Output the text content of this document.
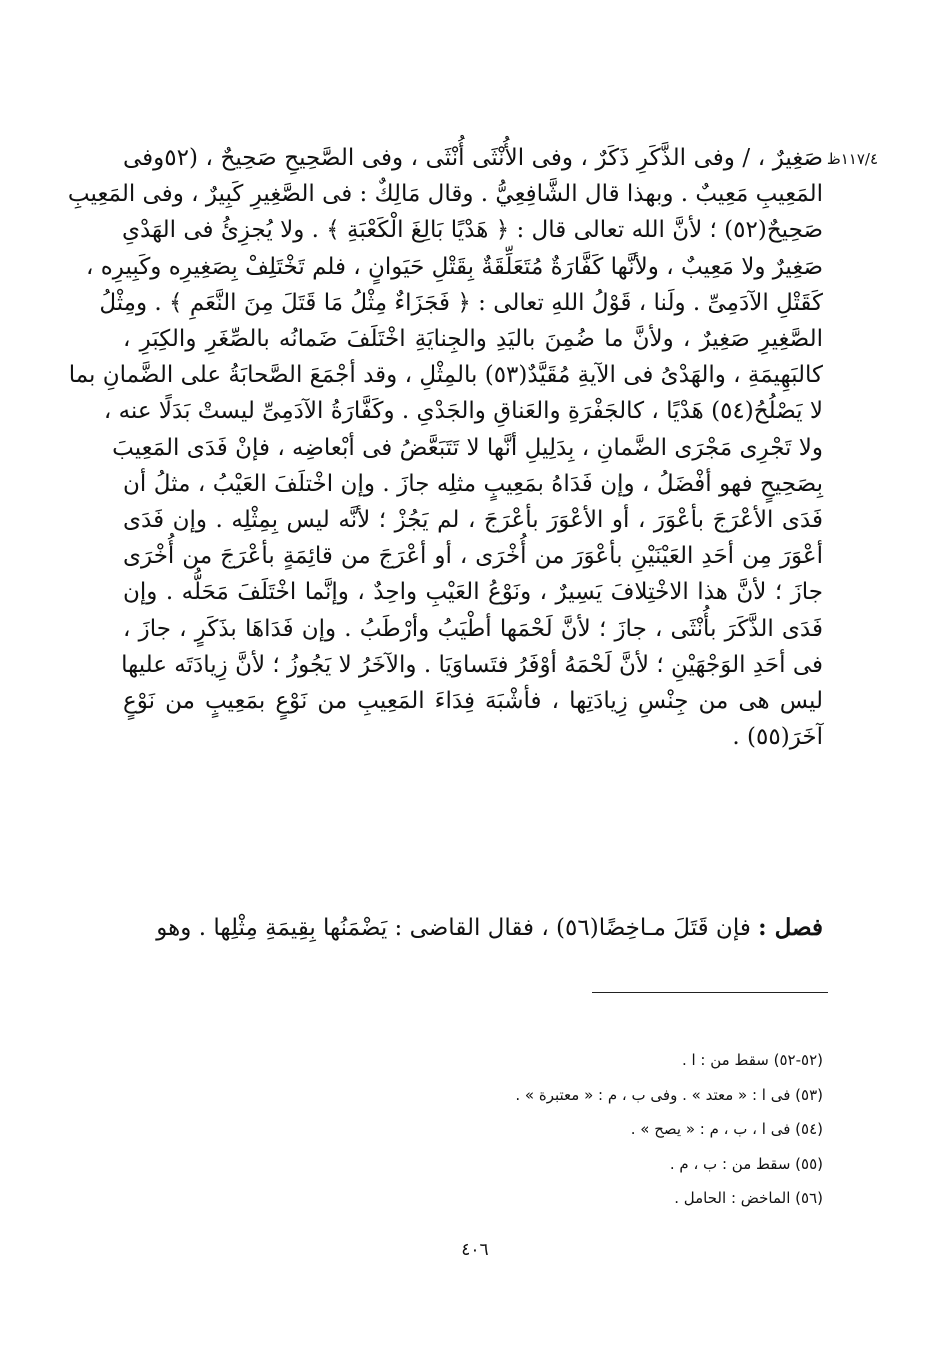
١١٧/٤ظ
صَغِيرٌ ، / وفى الذَّكَرِ ذَكَرٌ ، وفى الأُنْثَى أُنْثَى ، وفى الصَّحِيحِ صَحِيحٌ ، (٥٢وفى
المَعِيبِ مَعِيبٌ . وبهذا قال الشَّافِعِيُّ . وقال مَالِكٌ : فى الصَّغِيرِ كَبِيرٌ ، وفى المَعِيبِ
صَحِيحٌ(٥٢) ؛ لأنَّ الله تعالى قال : ﴿ هَدْيًا بَالِغَ الْكَعْبَةِ ﴾ . ولا يُجزِئُ فى الهَدْىِ
صَغِيرٌ ولا مَعِيبٌ ، ولأنَّها كَفَّارَةٌ مُتَعَلِّقَةٌ بِقَتْلِ حَيَوانٍ ، فلم تَخْتَلِفْ بِصَغِيرِه وكَبِيرِه ،
كَقَتْلِ الآدَمِىِّ . ولَنا ، قَوْلُ اللهِ تعالى : ﴿ فَجَزَاءٌ مِثْلُ مَا قَتَلَ مِنَ النَّعَمِ ﴾ . ومِثْلُ
الصَّغِيرِ صَغِيرٌ ، ولأنَّ ما ضُمِنَ باليَدِ والجِنايَةِ اخْتَلَفَ ضَمانُه بالصِّغَرِ والكِبَرِ ،
كالبَهِيمَةِ ، والهَدْىُ فى الآيةِ مُقَيَّدٌ(٥٣) بالمِثْلِ ، وقد أجْمَعَ الصَّحابَةُ على الضَّمانِ بما
لا يَصْلُحُ(٥٤) هَدْيًا ، كالجَفْرَةِ والعَناقِ والجَدْىِ . وكَفَّارَةُ الآدَمِىِّ ليستْ بَدَلًا عنه ،
ولا تَجْرِى مَجْرَى الضَّمانِ ، بِدَلِيلِ أنَّها لا تَتَبَعَّضُ فى أبْعاضِه ، فإنْ فَدَى المَعِيبَ
بِصَحِيحٍ فهو أفْضَلُ ، وإن فَدَاهُ بمَعِيبٍ مثلِه جازَ . وإن اخْتلَفَ العَيْبُ ، مثلُ أن
فَدَى الأعْرَجَ بأعْوَرَ ، أو الأعْوَرَ بأعْرَجَ ، لم يَجُزْ ؛ لأنَّه ليس بِمِثْلِه . وإن فَدَى
أعْوَرَ مِن أحَدِ العَيْنَيْنِ بأعْوَرَ من أُخْرَى ، أو أعْرَجَ من قائِمَةٍ بأعْرَجَ من أُخْرَى
جازَ ؛ لأنَّ هذا الاخْتِلافَ يَسِيرٌ ، ونَوْعُ العَيْبِ واحِدٌ ، وإنَّما اخْتَلَفَ مَحَلُّه . وإن
فَدَى الذَّكَرَ بأُنْثَى ، جازَ ؛ لأنَّ لَحْمَها أطْيَبُ وأرْطَبُ . وإن فَدَاهَا بذَكَرٍ ، جازَ ،
فى أحَدِ الوَجْهَيْنِ ؛ لأنَّ لَحْمَهُ أوْفَرُ فتَساوَيَا . والآخَرُ لا يَجُوزُ ؛ لأنَّ زِيادَتَه عليها
ليس هى من جِنْسِ زِيادَتِها ، فأشْبَهَ فِدَاءَ المَعِيبِ من نَوْعٍ بمَعِيبٍ من نَوْعٍ
آخَرَ(٥٥) .
فصل : فإن قَتَلَ مـاخِضًا(٥٦) ، فقال القاضى : يَضْمَنُها بِقِيمَةِ مِثْلِها . وهو
(٥٢-٥٢) سقط من : ا .
(٥٣) فى ا : « معتد » . وفى ب ، م : « معتبرة » .
(٥٤) فى ا ، ب ، م : « يصح » .
(٥٥) سقط من : ب ، م .
(٥٦) الماخض : الحامل .
٤٠٦
